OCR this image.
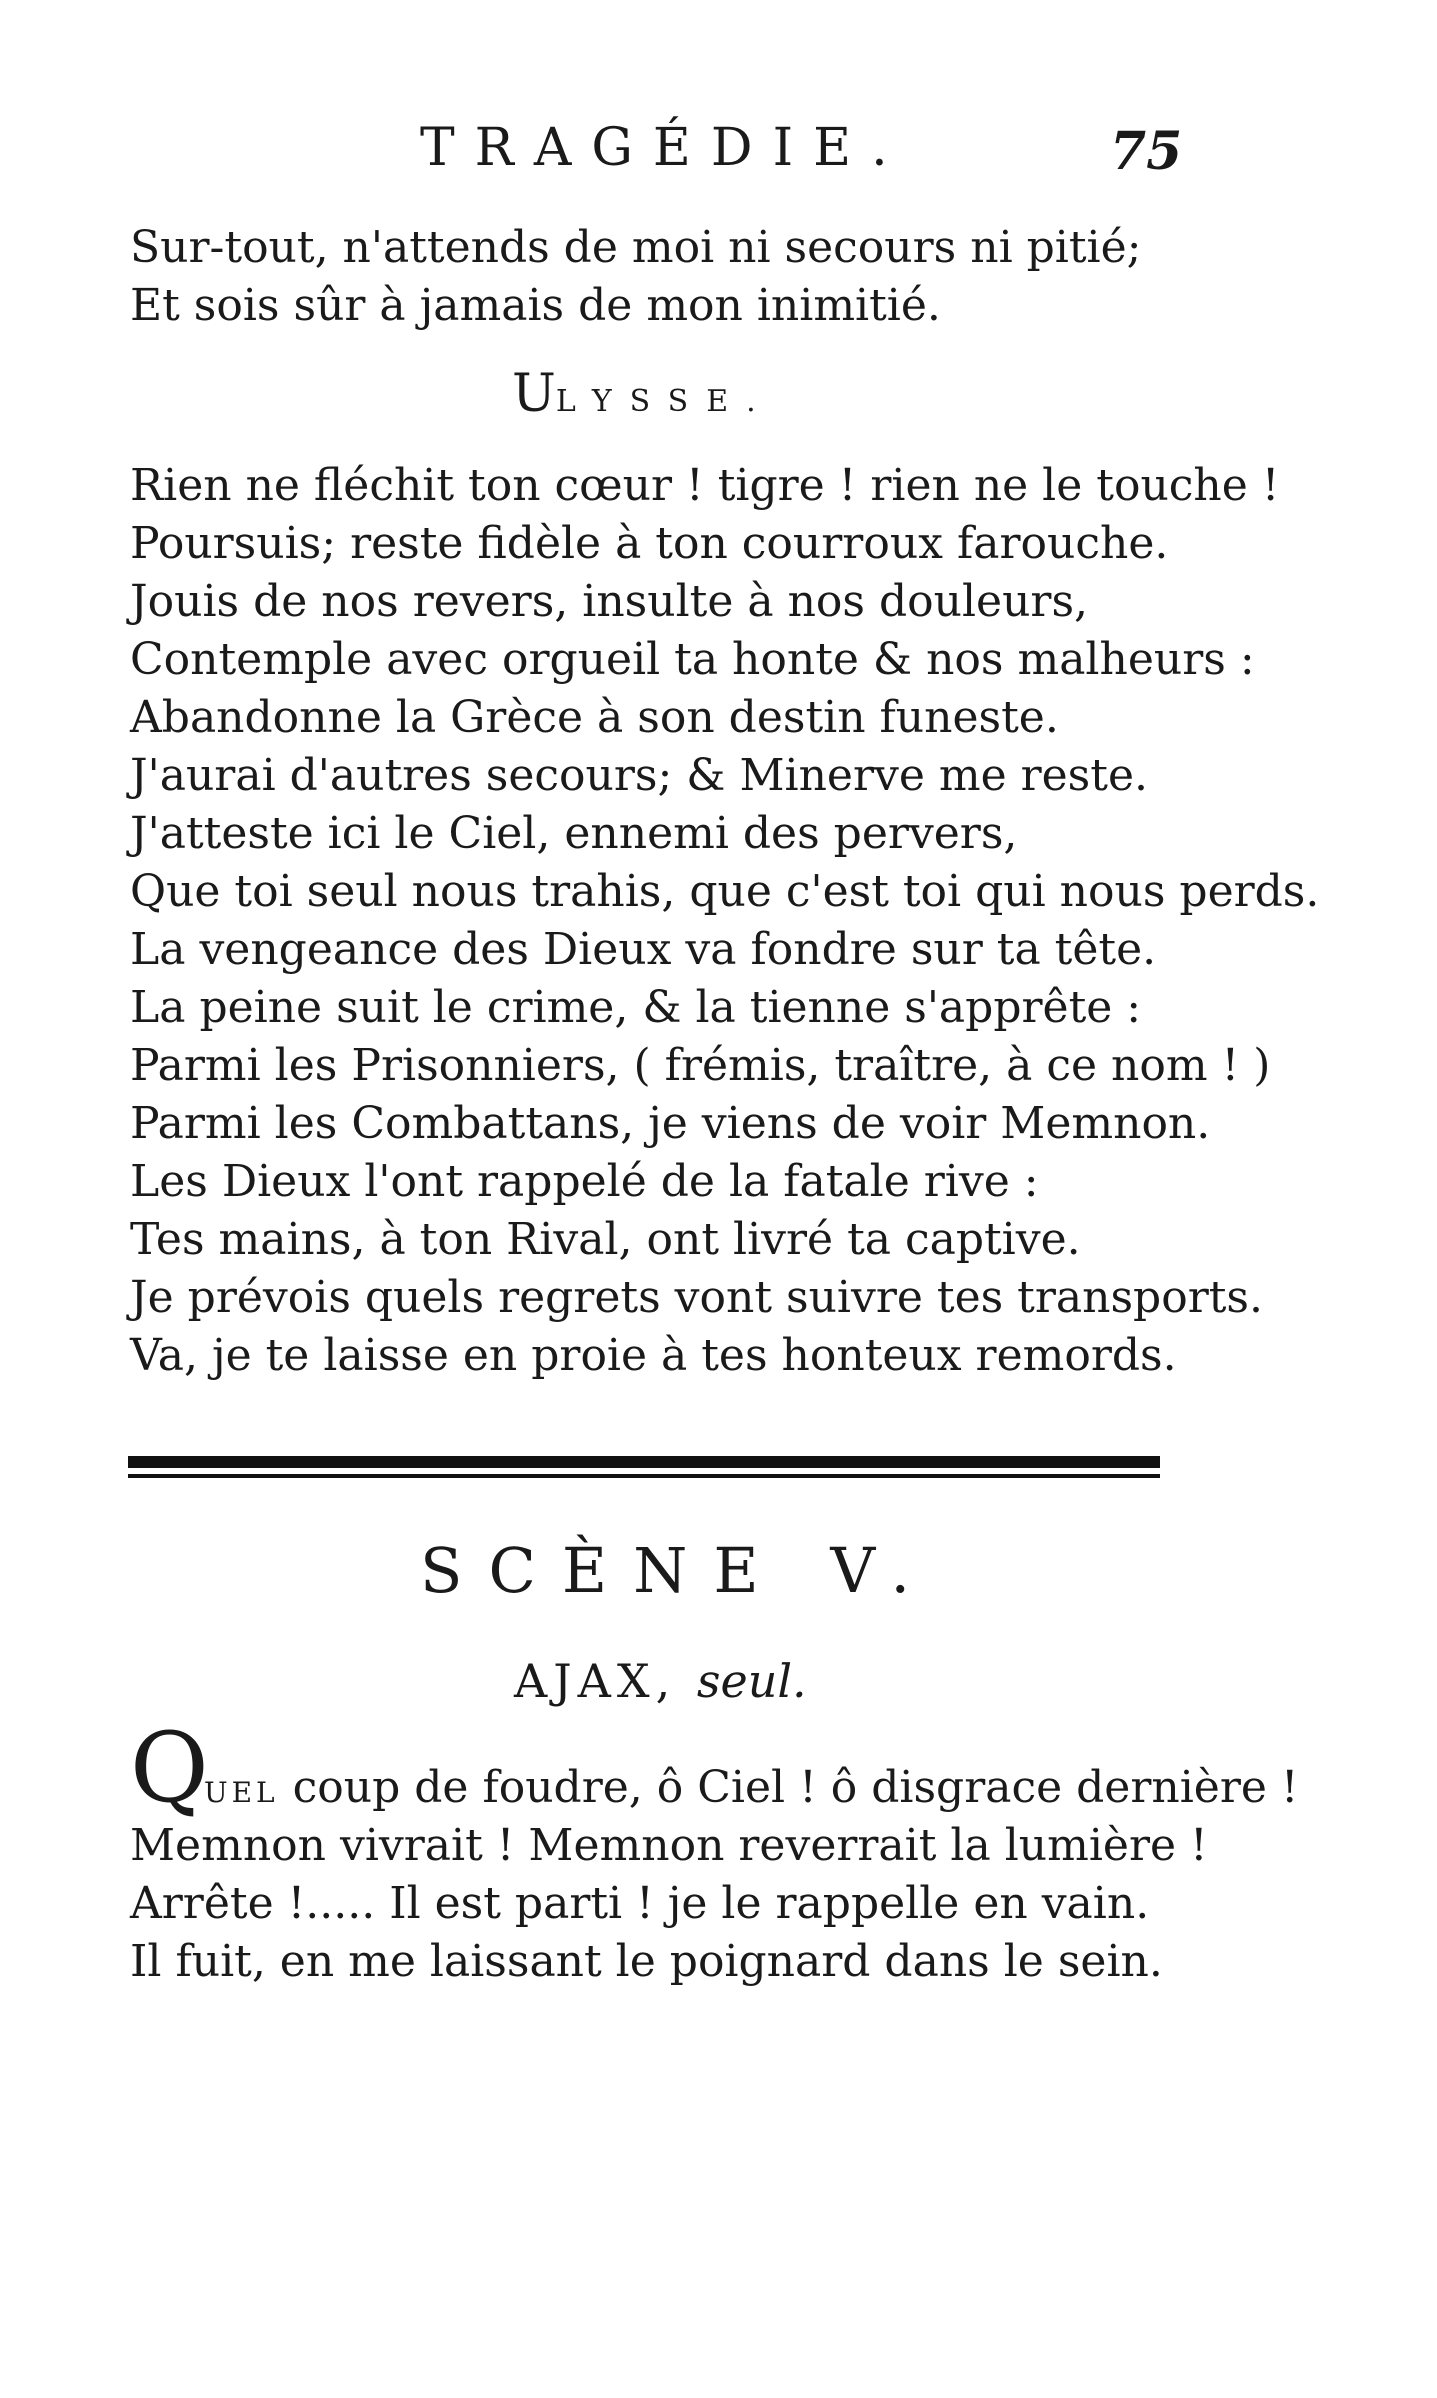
TRAGÉDIE.	75
Sur-tout, n'attends de moi ni secours ni pitié;
Et sois sûr à jamais de mon inimitié.
ULYSSE.
Rien ne fléchit ton cœur ! tigre ! rien ne le touche !
Poursuis; reste fidèle à ton courroux farouche.
Jouis de nos revers, insulte à nos douleurs,
Contemple avec orgueil ta honte & nos malheurs :
Abandonne la Grèce à son destin funeste.
J'aurai d'autres secours; & Minerve me reste.
J'atteste ici le Ciel, ennemi des pervers,
Que toi seul nous trahis, que c'est toi qui nous perds.
La vengeance des Dieux va fondre sur ta tête.
La peine suit le crime, & la tienne s'apprête :
Parmi les Prisonniers, ( frémis, traître, à ce nom ! )
Parmi les Combattans, je viens de voir Memnon.
Les Dieux l'ont rappelé de la fatale rive :
Tes mains, à ton Rival, ont livré ta captive.
Je prévois quels regrets vont suivre tes transports.
Va, je te laisse en proie à tes honteux remords.
SCÈNE V.
AJAX, seul.
Q
UEL coup de foudre, ô Ciel ! ô disgrace dernière !
Memnon vivrait ! Memnon reverrait la lumière !
Arrête !..... Il est parti ! je le rappelle en vain.
Il fuit, en me laissant le poignard dans le sein.
